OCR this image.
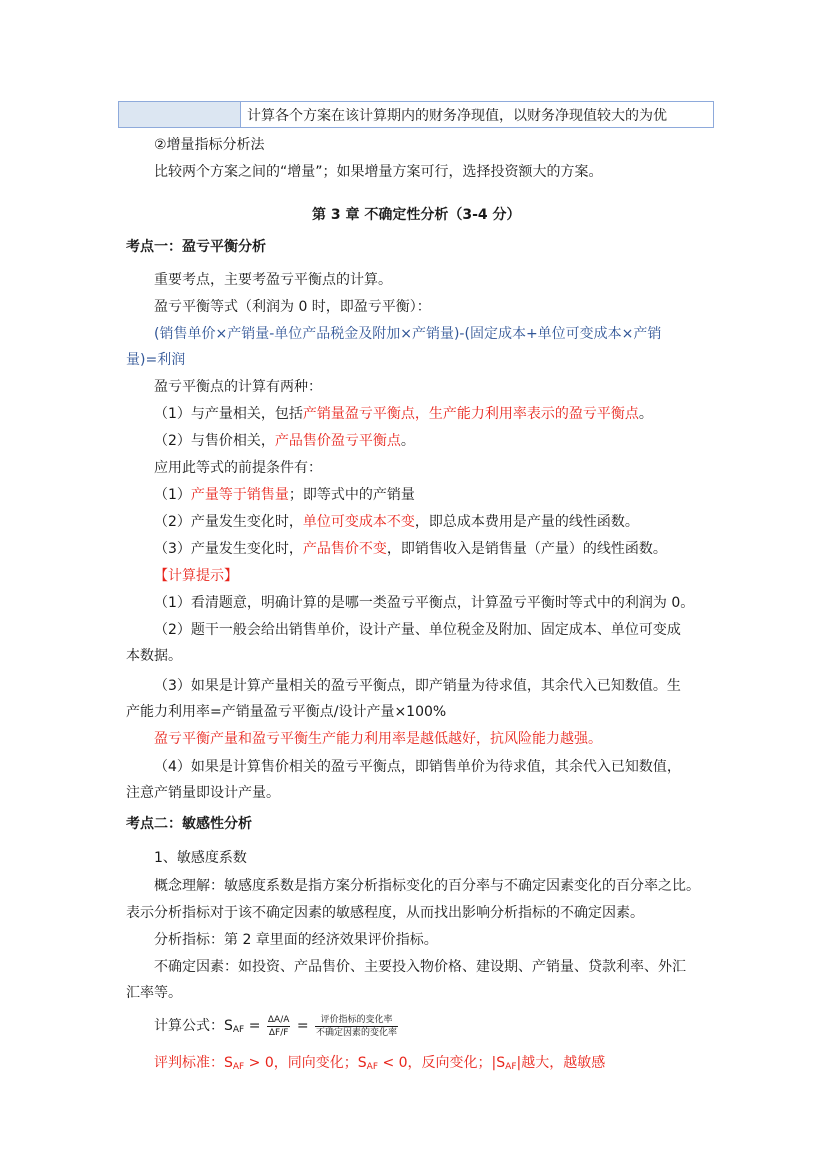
计算各个方案在该计算期内的财务净现值，以财务净现值较大的为优
②增量指标分析法
比较两个方案之间的“增量”；如果增量方案可行，选择投资额大的方案。
第 3 章 不确定性分析（3-4 分）
考点一：盈亏平衡分析
重要考点，主要考盈亏平衡点的计算。
盈亏平衡等式（利润为 0 时，即盈亏平衡）：
(销售单价×产销量-单位产品税金及附加×产销量)-(固定成本+单位可变成本×产销
量)=利润
盈亏平衡点的计算有两种：
（1）与产量相关，包括产销量盈亏平衡点，生产能力利用率表示的盈亏平衡点。
（2）与售价相关，产品售价盈亏平衡点。
应用此等式的前提条件有：
（1）产量等于销售量；即等式中的产销量
（2）产量发生变化时，单位可变成本不变，即总成本费用是产量的线性函数。
（3）产量发生变化时，产品售价不变，即销售收入是销售量（产量）的线性函数。
【计算提示】
（1）看清题意，明确计算的是哪一类盈亏平衡点，计算盈亏平衡时等式中的利润为 0。
（2）题干一般会给出销售单价，设计产量、单位税金及附加、固定成本、单位可变成
本数据。
（3）如果是计算产量相关的盈亏平衡点，即产销量为待求值，其余代入已知数值。生
产能力利用率=产销量盈亏平衡点/设计产量×100%
盈亏平衡产量和盈亏平衡生产能力利用率是越低越好，抗风险能力越强。
（4）如果是计算售价相关的盈亏平衡点，即销售单价为待求值，其余代入已知数值，
注意产销量即设计产量。
考点二：敏感性分析
1、敏感度系数
概念理解：敏感度系数是指方案分析指标变化的百分率与不确定因素变化的百分率之比。
表示分析指标对于该不确定因素的敏感程度，从而找出影响分析指标的不确定因素。
分析指标：第 2 章里面的经济效果评价指标。
不确定因素：如投资、产品售价、主要投入物价格、建设期、产销量、贷款利率、外汇
汇率等。
计算公式：$S_{AF} = \frac{\Delta A/A}{\Delta F/F} = \frac{\text{评价指标的变化率}}{\text{不确定因素的变化率}}$
评判标准：$S_{AF} > 0$，同向变化；$S_{AF} < 0$，反向变化；$|S_{AF}|$越大，越敏感
